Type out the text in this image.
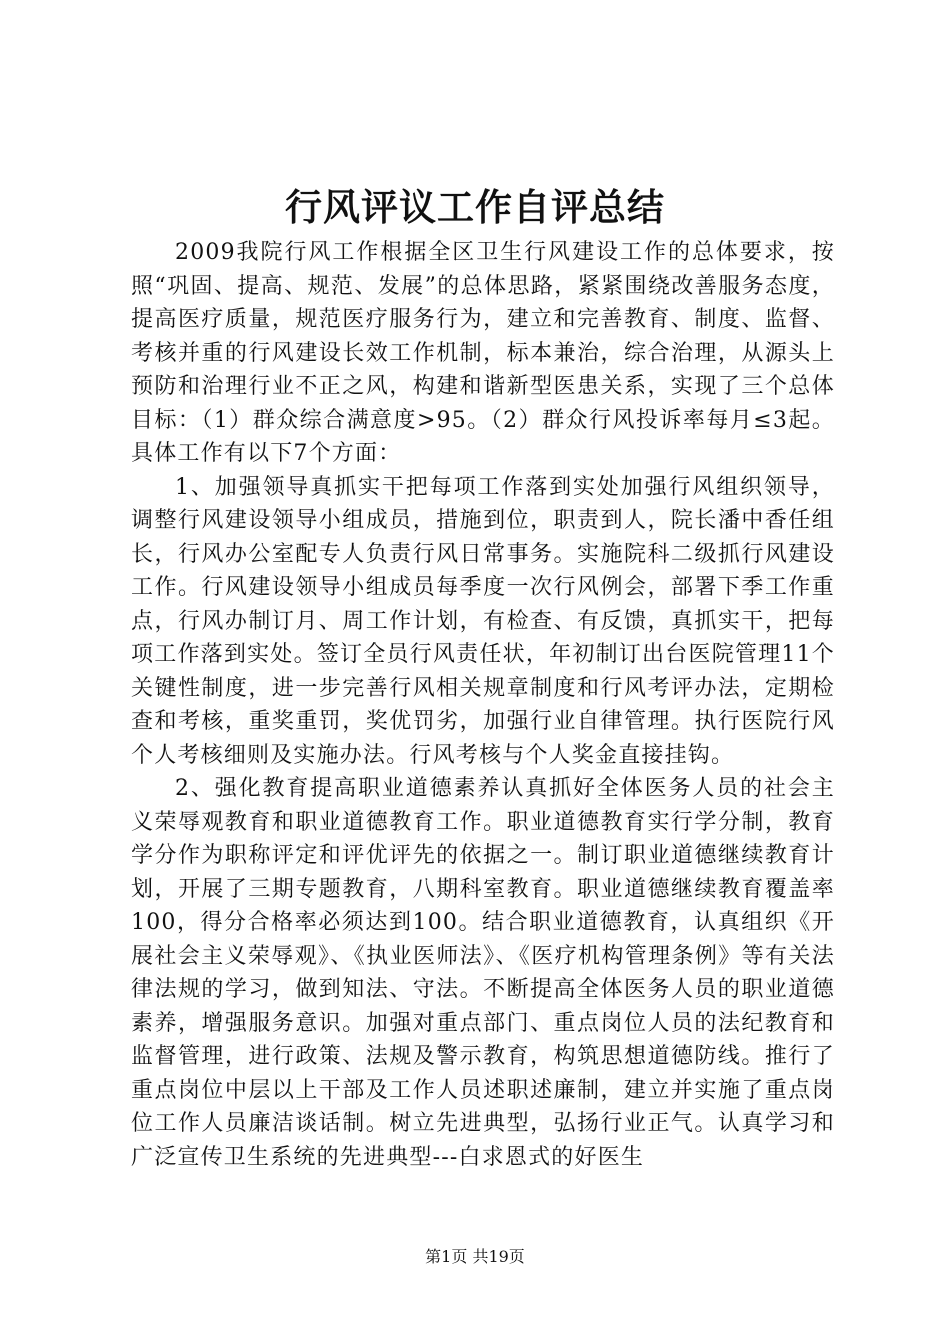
行风评议工作自评总结

2009我院行风工作根据全区卫生行风建设工作的总体要求，按照“巩固、提高、规范、发展”的总体思路，紧紧围绕改善服务态度，提高医疗质量，规范医疗服务行为，建立和完善教育、制度、监督、考核并重的行风建设长效工作机制，标本兼治，综合治理，从源头上预防和治理行业不正之风，构建和谐新型医患关系，实现了三个总体目标：（1）群众综合满意度>95。（2）群众行风投诉率每月≤3起。具体工作有以下7个方面：

1、加强领导真抓实干把每项工作落到实处加强行风组织领导，调整行风建设领导小组成员，措施到位，职责到人，院长潘中香任组长，行风办公室配专人负责行风日常事务。实施院科二级抓行风建设工作。行风建设领导小组成员每季度一次行风例会，部署下季工作重点，行风办制订月、周工作计划，有检查、有反馈，真抓实干，把每项工作落到实处。签订全员行风责任状，年初制订出台医院管理11个关键性制度，进一步完善行风相关规章制度和行风考评办法，定期检查和考核，重奖重罚，奖优罚劣，加强行业自律管理。执行医院行风个人考核细则及实施办法。行风考核与个人奖金直接挂钩。

2、强化教育提高职业道德素养认真抓好全体医务人员的社会主义荣辱观教育和职业道德教育工作。职业道德教育实行学分制，教育学分作为职称评定和评优评先的依据之一。制订职业道德继续教育计划，开展了三期专题教育，八期科室教育。职业道德继续教育覆盖率100，得分合格率必须达到100。结合职业道德教育，认真组织《开展社会主义荣辱观》、《执业医师法》、《医疗机构管理条例》等有关法律法规的学习，做到知法、守法。不断提高全体医务人员的职业道德素养，增强服务意识。加强对重点部门、重点岗位人员的法纪教育和监督管理，进行政策、法规及警示教育，构筑思想道德防线。推行了重点岗位中层以上干部及工作人员述职述廉制，建立并实施了重点岗位工作人员廉洁谈话制。树立先进典型，弘扬行业正气。认真学习和广泛宣传卫生系统的先进典型---白求恩式的好医生

第1页 共19页
